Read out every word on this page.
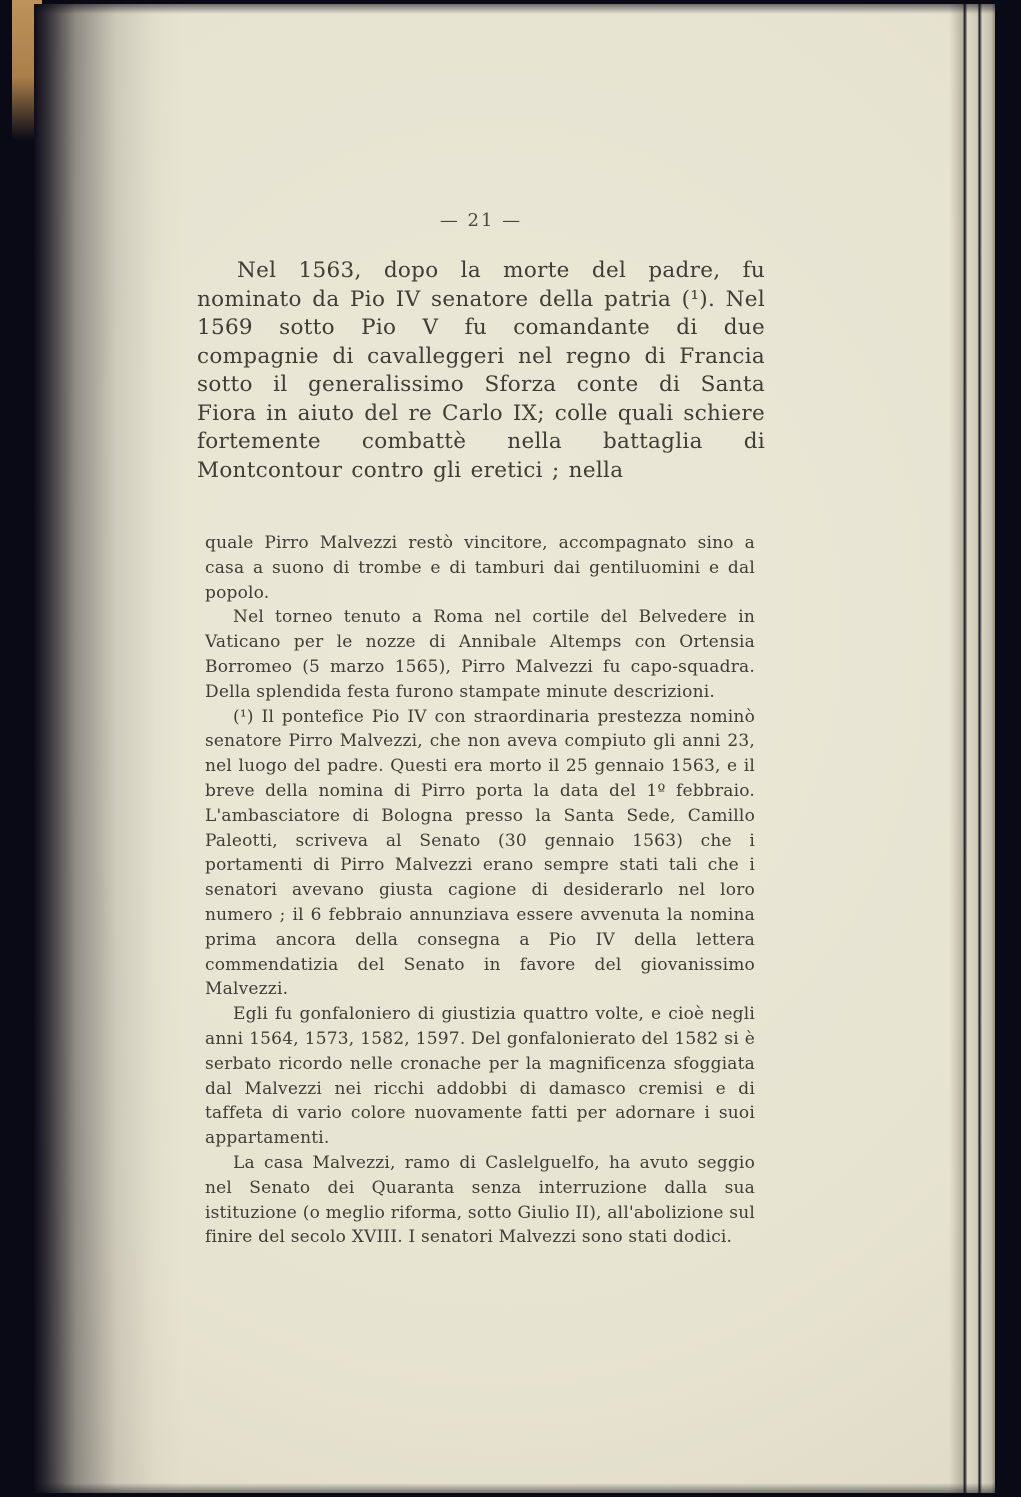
— 21 —

Nel 1563, dopo la morte del padre, fu nominato da Pio IV senatore della patria (¹). Nel 1569 sotto Pio V fu comandante di due compagnie di cavalleggeri nel regno di Francia sotto il generalissimo Sforza conte di Santa Fiora in aiuto del re Carlo IX; colle quali schiere fortemente combattè nella battaglia di Montcontour contro gli eretici ; nella

quale Pirro Malvezzi restò vincitore, accompagnato sino a casa a suono di trombe e di tamburi dai gentiluomini e dal popolo.

Nel torneo tenuto a Roma nel cortile del Belvedere in Vaticano per le nozze di Annibale Altemps con Ortensia Borromeo (5 marzo 1565), Pirro Malvezzi fu capo-squadra. Della splendida festa furono stampate minute descrizioni.

(¹) Il pontefice Pio IV con straordinaria prestezza nominò senatore Pirro Malvezzi, che non aveva compiuto gli anni 23, nel luogo del padre. Questi era morto il 25 gennaio 1563, e il breve della nomina di Pirro porta la data del 1º febbraio. L'ambasciatore di Bologna presso la Santa Sede, Camillo Paleotti, scriveva al Senato (30 gennaio 1563) che i portamenti di Pirro Malvezzi erano sempre stati tali che i senatori avevano giusta cagione di desiderarlo nel loro numero ; il 6 febbraio annunziava essere avvenuta la nomina prima ancora della consegna a Pio IV della lettera commendatizia del Senato in favore del giovanissimo Malvezzi.

Egli fu gonfaloniero di giustizia quattro volte, e cioè negli anni 1564, 1573, 1582, 1597. Del gonfalonierato del 1582 si è serbato ricordo nelle cronache per la magnificenza sfoggiata dal Malvezzi nei ricchi addobbi di damasco cremisi e di taffeta di vario colore nuovamente fatti per adornare i suoi appartamenti.

La casa Malvezzi, ramo di Caslelguelfo, ha avuto seggio nel Senato dei Quaranta senza interruzione dalla sua istituzione (o meglio riforma, sotto Giulio II), all'abolizione sul finire del secolo XVIII. I senatori Malvezzi sono stati dodici.
